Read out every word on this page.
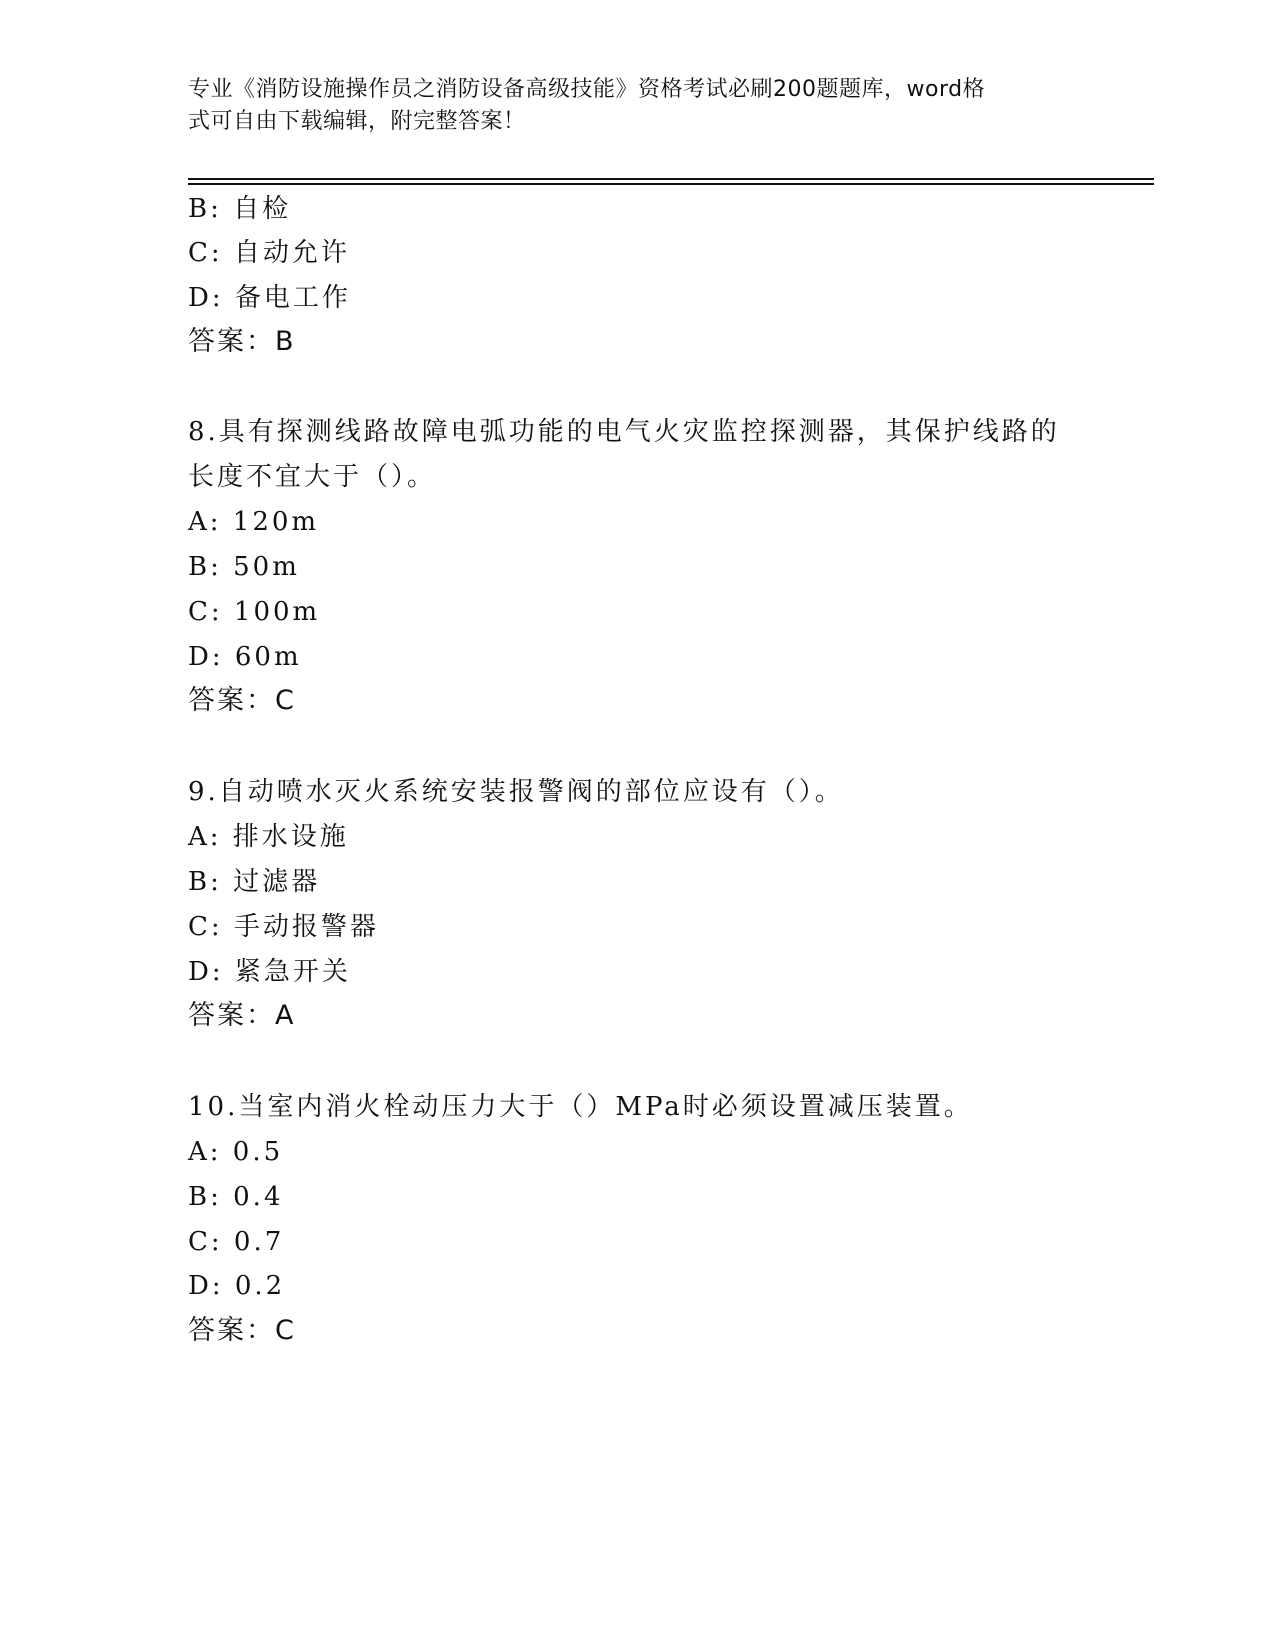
专业《消防设施操作员之消防设备高级技能》资格考试必刷200题题库，word格
式可自由下载编辑，附完整答案！
B: 自检
C: 自动允许
D: 备电工作
答案：B
8.具有探测线路故障电弧功能的电气火灾监控探测器，其保护线路的
长度不宜大于（）。
A: 120m
B: 50m
C: 100m
D: 60m
答案：C
9.自动喷水灭火系统安装报警阀的部位应设有（）。
A: 排水设施
B: 过滤器
C: 手动报警器
D: 紧急开关
答案：A
10.当室内消火栓动压力大于（）MPa时必须设置减压装置。
A: 0.5
B: 0.4
C: 0.7
D: 0.2
答案：C
